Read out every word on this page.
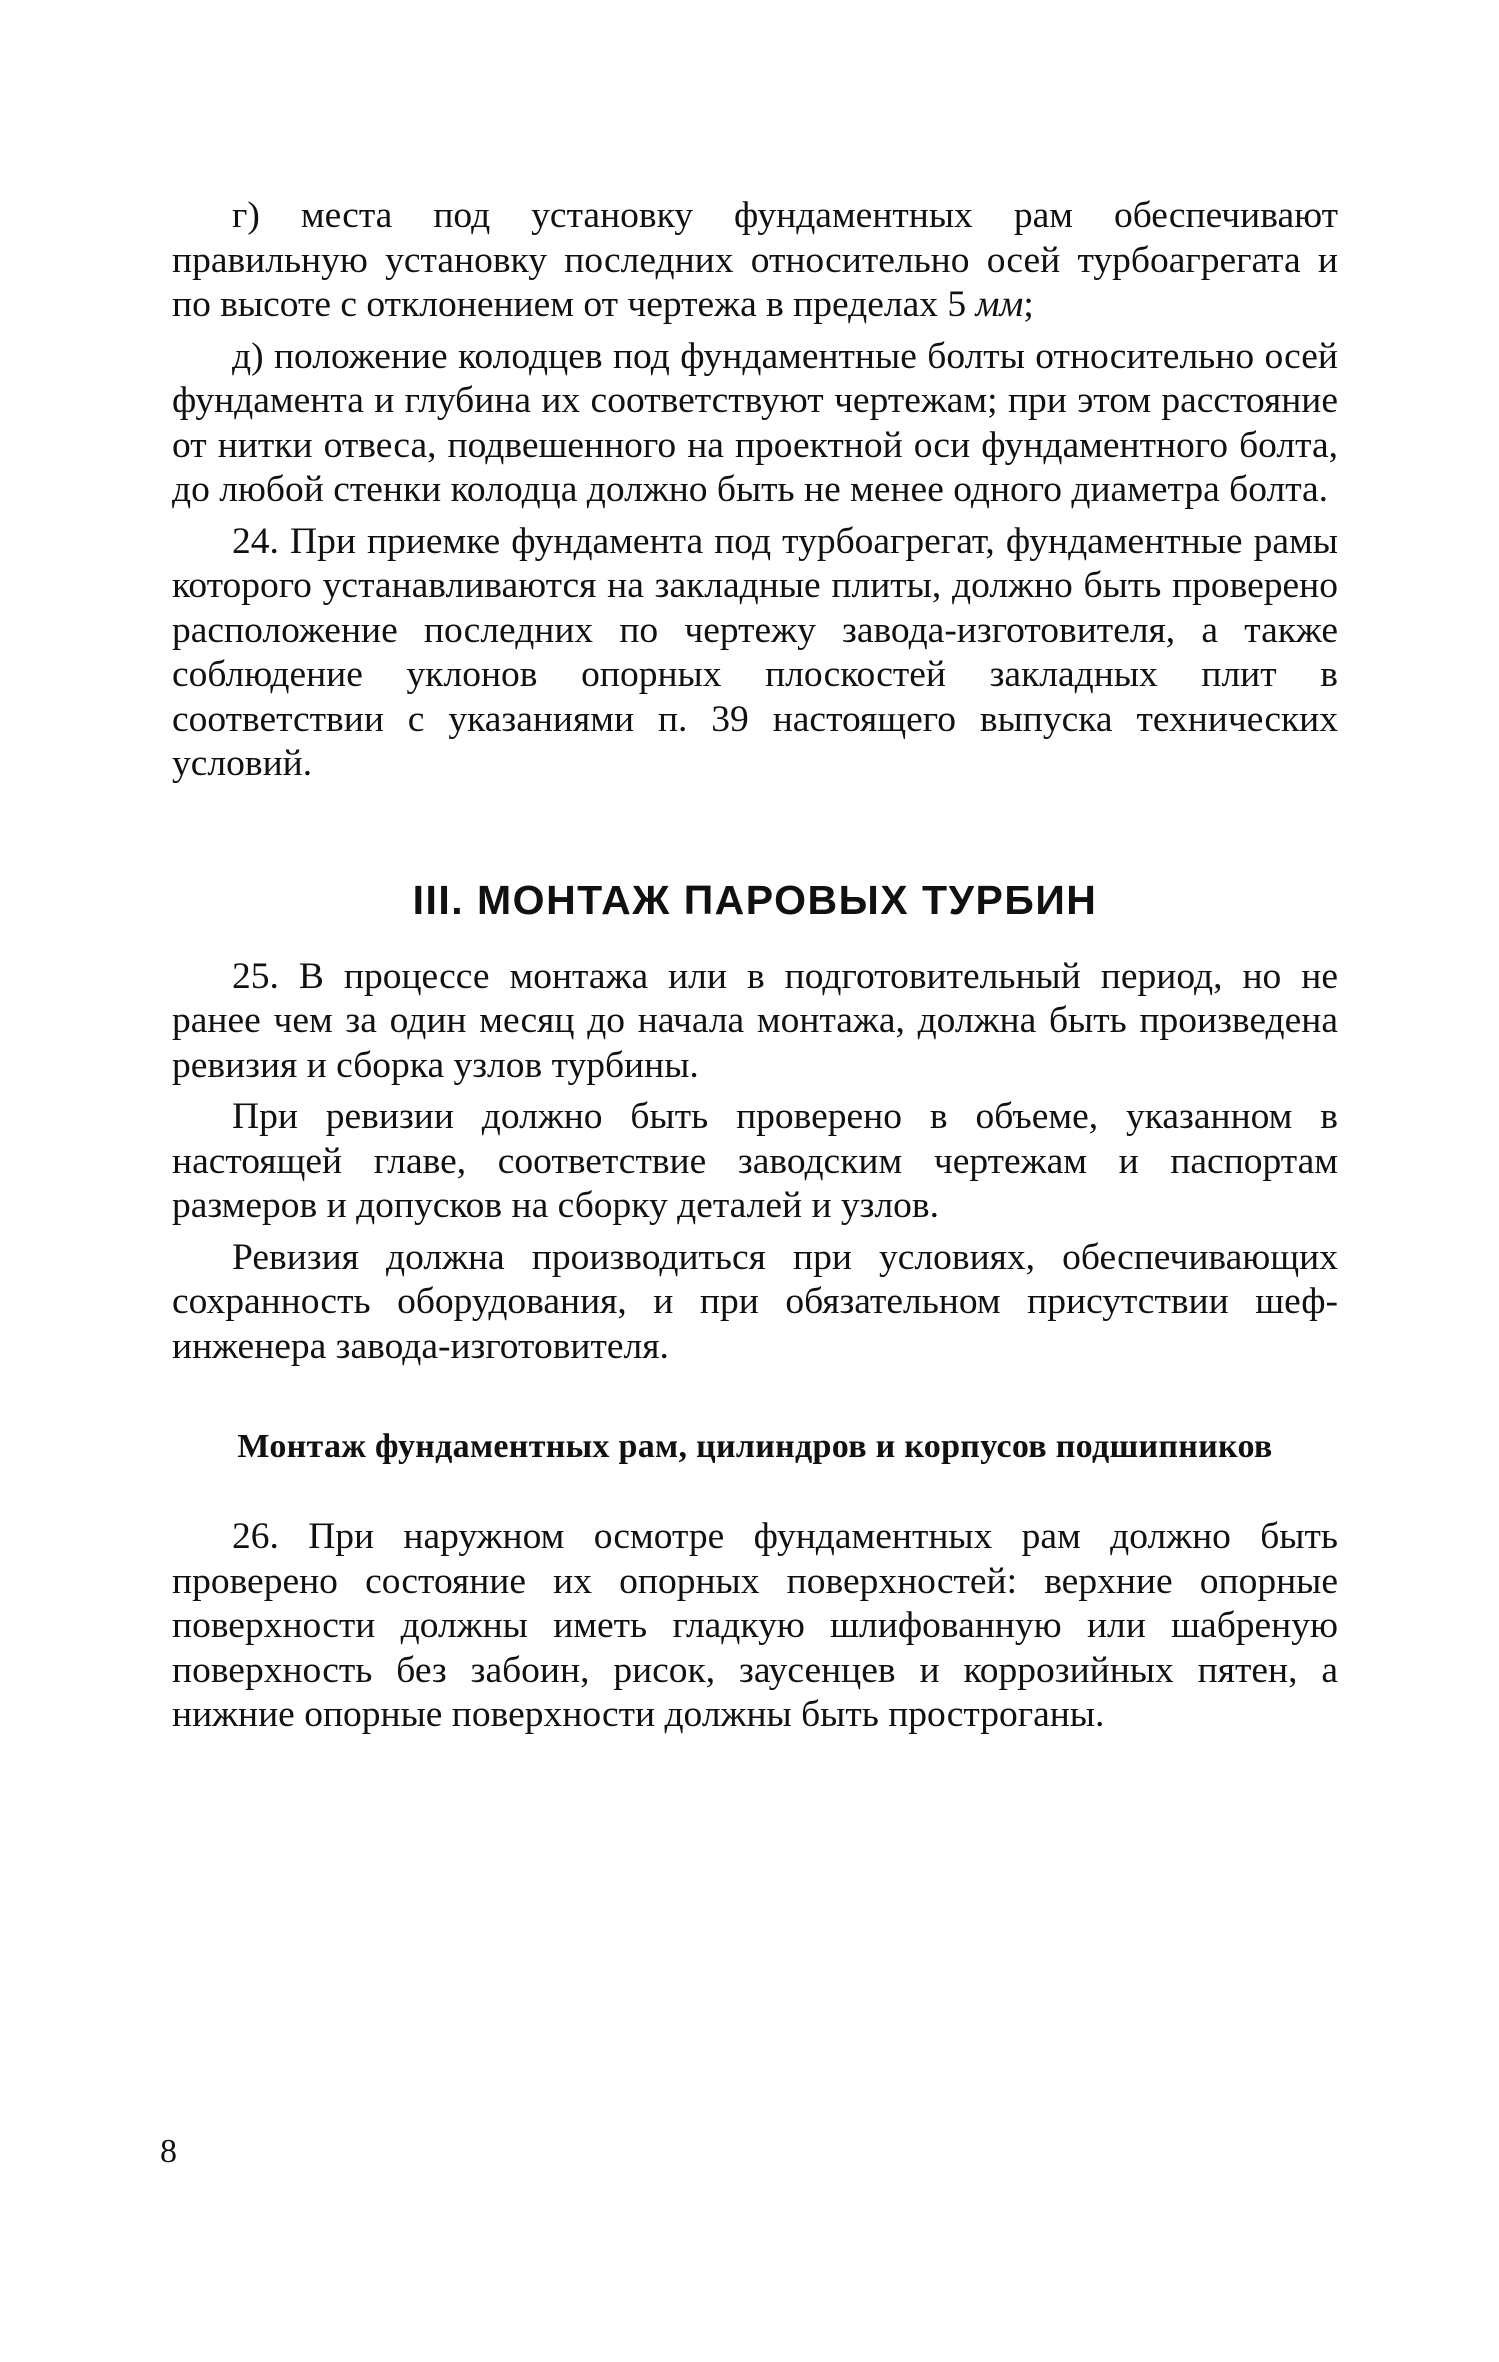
г) места под установку фундаментных рам обеспечивают правильную установку последних относительно осей турбоагрегата и по высоте с отклонением от чертежа в пределах 5 мм;

д) положение колодцев под фундаментные болты относительно осей фундамента и глубина их соответствуют чертежам; при этом расстояние от нитки отвеса, подвешенного на проектной оси фундаментного болта, до любой стенки колодца должно быть не менее одного диаметра болта.

24. При приемке фундамента под турбоагрегат, фундаментные рамы которого устанавливаются на закладные плиты, должно быть проверено расположение последних по чертежу завода-изготовителя, а также соблюдение уклонов опорных плоскостей закладных плит в соответствии с указаниями п. 39 настоящего выпуска технических условий.

III. МОНТАЖ ПАРОВЫХ ТУРБИН

25. В процессе монтажа или в подготовительный период, но не ранее чем за один месяц до начала монтажа, должна быть произведена ревизия и сборка узлов турбины.

При ревизии должно быть проверено в объеме, указанном в настоящей главе, соответствие заводским чертежам и паспортам размеров и допусков на сборку деталей и узлов.

Ревизия должна производиться при условиях, обеспечивающих сохранность оборудования, и при обязательном присутствии шеф-инженера завода-изготовителя.

Монтаж фундаментных рам, цилиндров и корпусов подшипников

26. При наружном осмотре фундаментных рам должно быть проверено состояние их опорных поверхностей: верхние опорные поверхности должны иметь гладкую шлифованную или шабреную поверхность без забоин, рисок, заусенцев и коррозийных пятен, а нижние опорные поверхности должны быть прострoганы.

8
